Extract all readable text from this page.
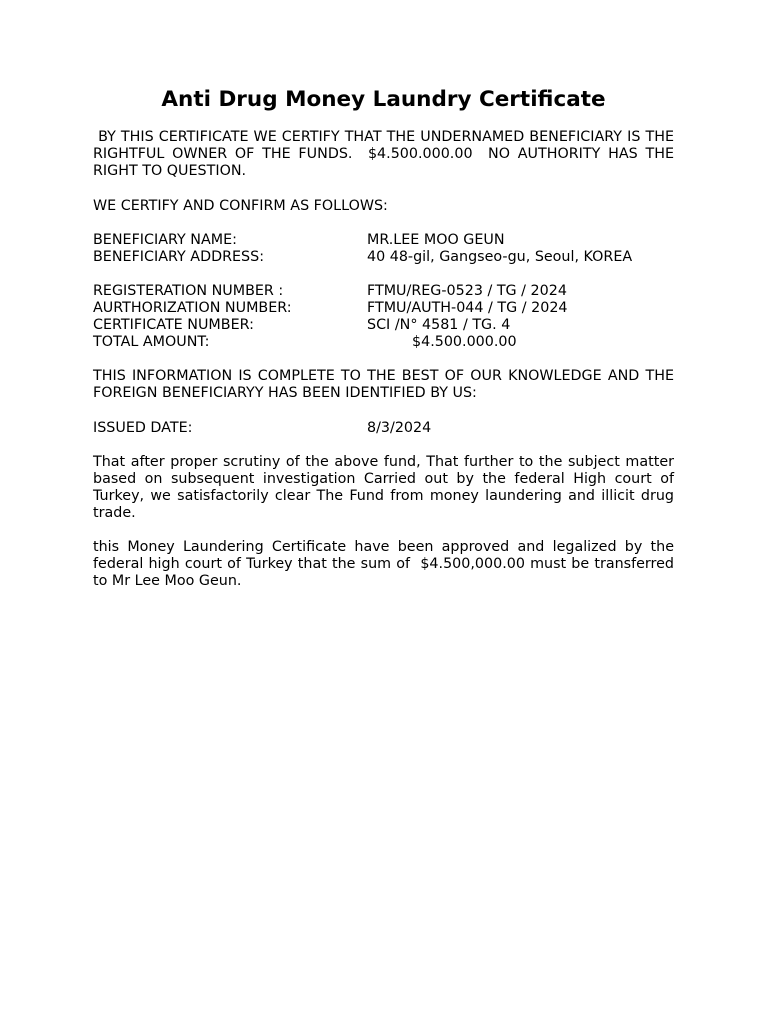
Anti Drug Money Laundry Certificate

BY THIS CERTIFICATE WE CERTIFY THAT THE UNDERNAMED BENEFICIARY IS THE RIGHTFUL OWNER OF THE FUNDS.  $4.500.000.00  NO AUTHORITY HAS THE RIGHT TO QUESTION.

WE CERTIFY AND CONFIRM AS FOLLOWS:

BENEFICIARY NAME:	MR.LEE MOO GEUN
BENEFICIARY ADDRESS:	40 48-gil, Gangseo-gu, Seoul, KOREA
REGISTERATION NUMBER :	FTMU/REG-0523 / TG / 2024
AURTHORIZATION NUMBER:	FTMU/AUTH-044 / TG / 2024
CERTIFICATE NUMBER:	SCI /N° 4581 / TG. 4
TOTAL AMOUNT:	$4.500.000.00

THIS INFORMATION IS COMPLETE TO THE BEST OF OUR KNOWLEDGE AND THE FOREIGN BENEFICIARYY HAS BEEN IDENTIFIED BY US:

ISSUED DATE:	8/3/2024

That after proper scrutiny of the above fund, That further to the subject matter based on subsequent investigation Carried out by the federal High court of Turkey, we satisfactorily clear The Fund from money laundering and illicit drug trade.

this Money Laundering Certificate have been approved and legalized by the federal high court of Turkey that the sum of  $4.500,000.00 must be transferred to Mr Lee Moo Geun.
